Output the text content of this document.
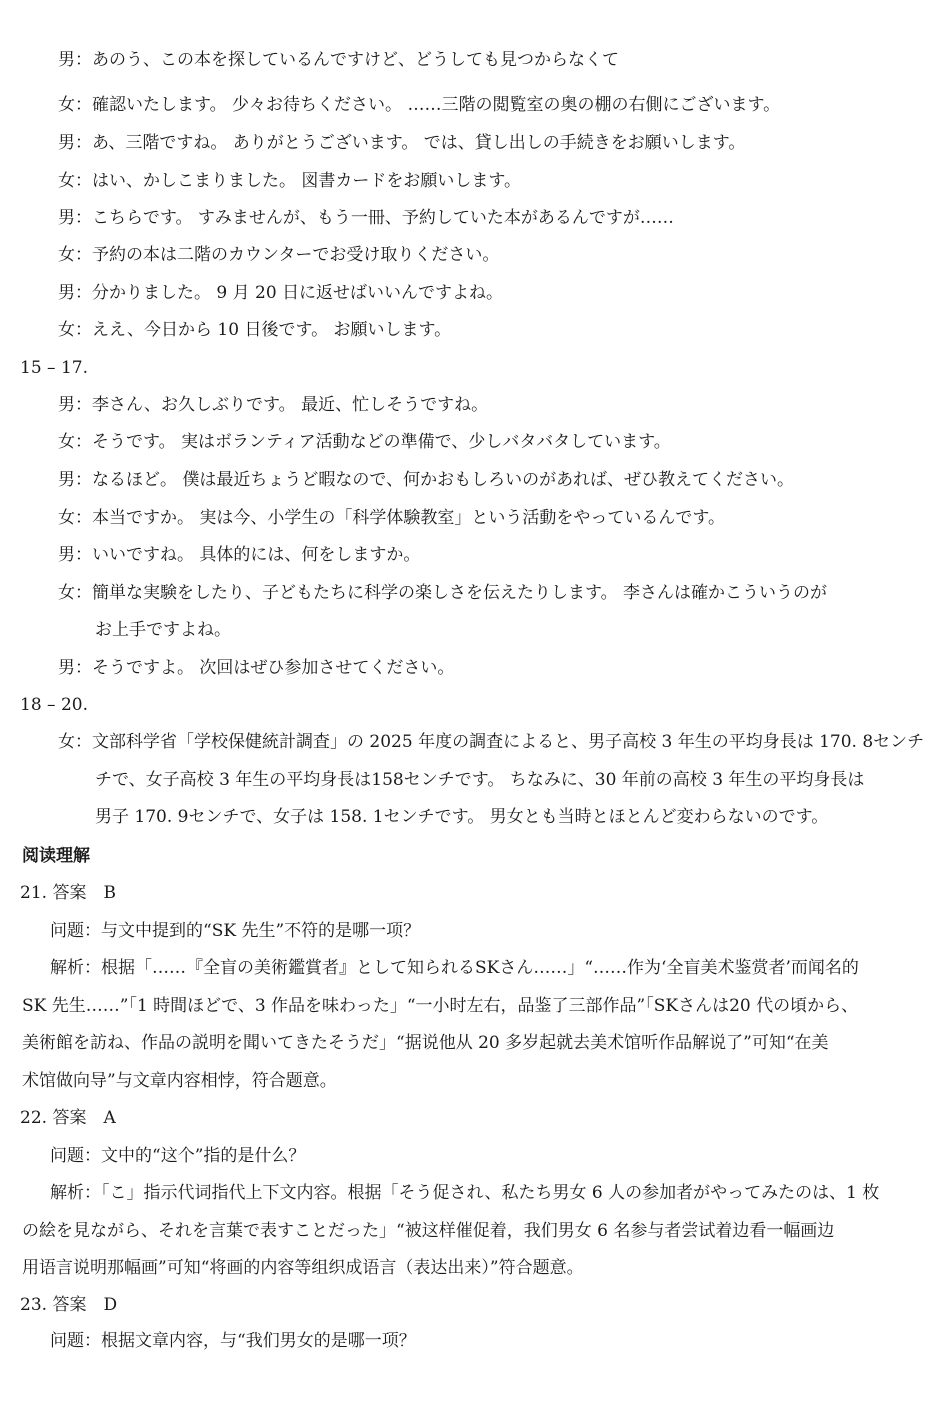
男：あのう、この本を探しているんですけど、どうしても見つからなくて
女：確認いたします。 少々お待ちください。 ……三階の閲覧室の奥の棚の右側にございます。
男：あ、三階ですね。 ありがとうございます。 では、貸し出しの手続きをお願いします。
女：はい、かしこまりました。 図書カードをお願いします。
男：こちらです。 すみませんが、もう一冊、予約していた本があるんですが……
女：予約の本は二階のカウンターでお受け取りください。
男：分かりました。 9 月 20 日に返せばいいんですよね。
女：ええ、今日から 10 日後です。 お願いします。
15 – 17.
男：李さん、お久しぶりです。 最近、忙しそうですね。
女：そうです。 実はボランティア活動などの準備で、少しバタバタしています。
男：なるほど。 僕は最近ちょうど暇なので、何かおもしろいのがあれば、ぜひ教えてください。
女：本当ですか。 実は今、小学生の「科学体験教室」という活動をやっているんです。
男：いいですね。 具体的には、何をしますか。
女：簡単な実験をしたり、子どもたちに科学の楽しさを伝えたりします。 李さんは確かこういうのが
お上手ですよね。
男：そうですよ。 次回はぜひ参加させてください。
18 – 20.
女：文部科学省「学校保健統計調査」の 2025 年度の調査によると、男子高校 3 年生の平均身長は 170. 8センチ
チで、女子高校 3 年生の平均身長は158センチです。 ちなみに、30 年前の高校 3 年生の平均身長は
男子 170. 9センチで、女子は 158. 1センチです。 男女とも当時とほとんど変わらないのです。
阅读理解
21. 答案　B
问题：与文中提到的“SK 先生”不符的是哪一项？
解析：根据「……『全盲の美術鑑賞者』として知られるSKさん……」“……作为‘全盲美术鉴赏者’而闻名的
SK 先生……”「1 時間ほどで、3 作品を味わった」“一小时左右，品鉴了三部作品”「SKさんは20 代の頃から、
美術館を訪ね、作品の説明を聞いてきたそうだ」“据说他从 20 多岁起就去美术馆听作品解说了”可知“在美
术馆做向导”与文章内容相悖，符合题意。
22. 答案　A
问题：文中的“这个”指的是什么？
解析：「こ」指示代词指代上下文内容。根据「そう促され、私たち男女 6 人の参加者がやってみたのは、1 枚
の絵を見ながら、それを言葉で表すことだった」“被这样催促着，我们男女 6 名参与者尝试着边看一幅画边
用语言说明那幅画”可知“将画的内容等组织成语言（表达出来）”符合题意。
23. 答案　D
问题：根据文章内容，与“我们男女的是哪一项？
